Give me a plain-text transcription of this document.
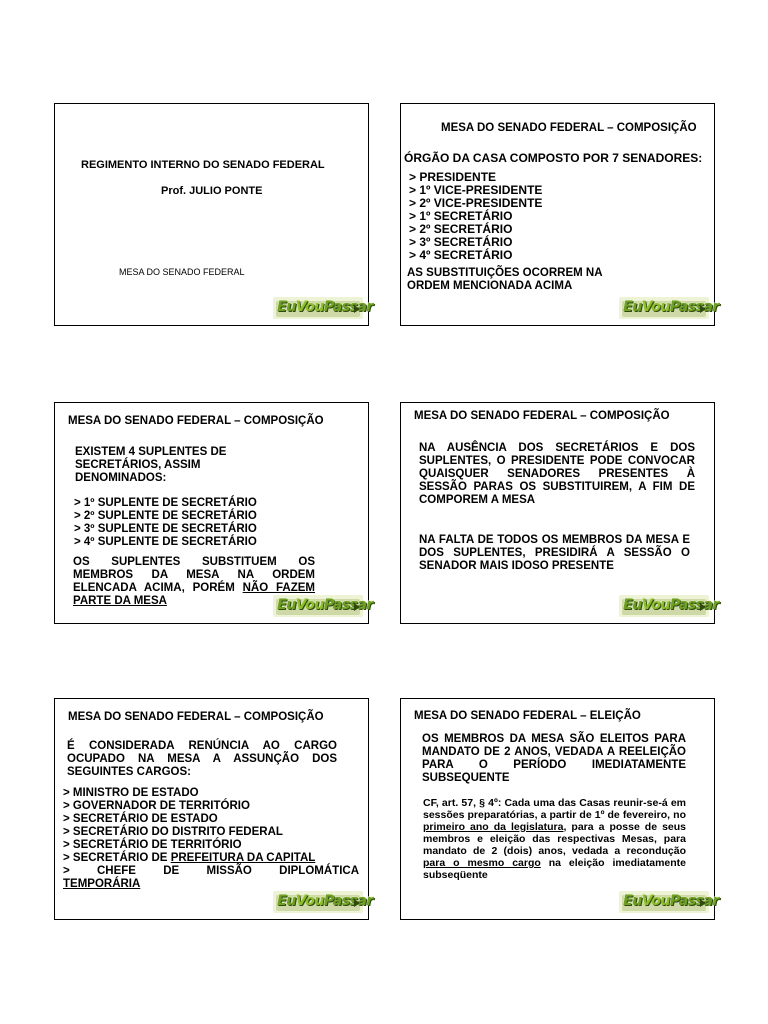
REGIMENTO INTERNO DO SENADO FEDERAL
Prof. JULIO PONTE
MESA DO SENADO FEDERAL
EuVouPassar
MESA DO SENADO FEDERAL – COMPOSIÇÃO
ÓRGÃO DA CASA COMPOSTO POR 7 SENADORES:
> PRESIDENTE
> 1º VICE-PRESIDENTE
> 2º VICE-PRESIDENTE
> 1º SECRETÁRIO
> 2º SECRETÁRIO
> 3º SECRETÁRIO
> 4º SECRETÁRIO
AS SUBSTITUIÇÕES OCORREM NA ORDEM MENCIONADA ACIMA
EuVouPassar
MESA DO SENADO FEDERAL – COMPOSIÇÃO
EXISTEM 4 SUPLENTES DE SECRETÁRIOS, ASSIM DENOMINADOS:
> 1º SUPLENTE DE SECRETÁRIO
> 2º SUPLENTE DE SECRETÁRIO
> 3º SUPLENTE DE SECRETÁRIO
> 4º SUPLENTE DE SECRETÁRIO
OS SUPLENTES SUBSTITUEM OS MEMBROS DA MESA NA ORDEM ELENCADA ACIMA, PORÉM NÃO FAZEM PARTE DA MESA	EuVouPassar
MESA DO SENADO FEDERAL – COMPOSIÇÃO
NA AUSÊNCIA DOS SECRETÁRIOS E DOS SUPLENTES, O PRESIDENTE PODE CONVOCAR QUAISQUER SENADORES PRESENTES À SESSÃO PARAS OS SUBSTITUIREM, A FIM DE COMPOREM A MESA
NA FALTA DE TODOS OS MEMBROS DA MESA E DOS SUPLENTES, PRESIDIRÁ A SESSÃO O SENADOR MAIS IDOSO PRESENTE
EuVouPassar
MESA DO SENADO FEDERAL – COMPOSIÇÃO
É CONSIDERADA RENÚNCIA AO CARGO OCUPADO NA MESA A ASSUNÇÃO DOS SEGUINTES CARGOS:
> MINISTRO DE ESTADO
> GOVERNADOR DE TERRITÓRIO
> SECRETÁRIO DE ESTADO
> SECRETÁRIO DO DISTRITO FEDERAL
> SECRETÁRIO DE TERRITÓRIO
> SECRETÁRIO DE PREFEITURA DA CAPITAL
> CHEFE DE MISSÃO DIPLOMÁTICA
TEMPORÁRIA
EuVouPassar
MESA DO SENADO FEDERAL – ELEIÇÃO
OS MEMBROS DA MESA SÃO ELEITOS PARA MANDATO DE 2 ANOS, VEDADA A REELEIÇÃO PARA O PERÍODO IMEDIATAMENTE SUBSEQUENTE
CF, art. 57, § 4º: Cada uma das Casas reunir-se-á em sessões preparatórias, a partir de 1º de fevereiro, no primeiro ano da legislatura, para a posse de seus membros e eleição das respectivas Mesas, para mandato de 2 (dois) anos, vedada a recondução para o mesmo cargo na eleição imediatamente subseqüente
EuVouPassar
